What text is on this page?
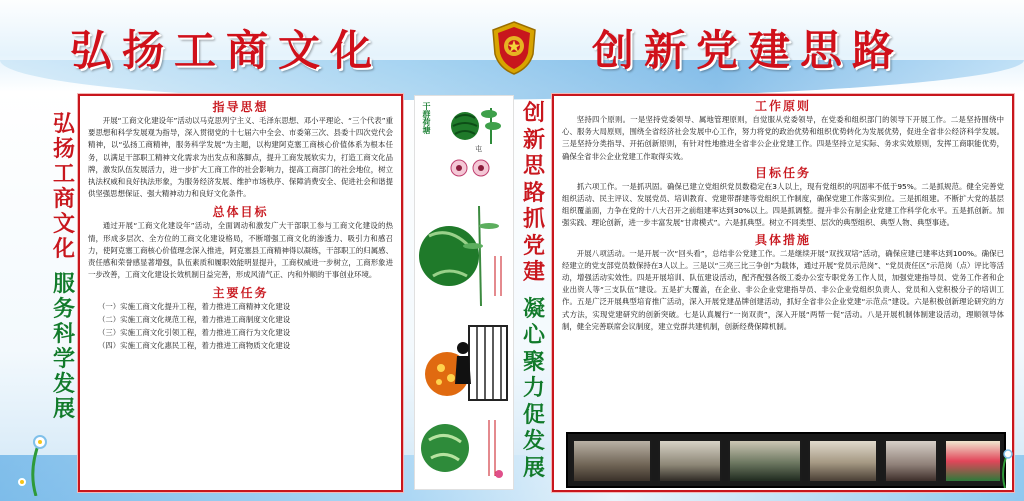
弘扬工商文化	创新党建思路
弘
扬
工
商
文
化
服
务
科
学
发
展
指导思想
开展“工商文化建设年”活动以马克思列宁主义、毛泽东思想、邓小平理论、“三个代表”重要思想和科学发展观为指导，深入贯彻党的十七届六中全会、市委第三次、县委十四次党代会精神，以“弘扬工商精神，服务科学发展”为主题，以构建阿克塞工商核心价值体系为根本任务，以满足干部职工精神文化需求为出发点和落脚点，提升工商发展软实力，打造工商文化品牌，激发队伍发展活力，进一步扩大工商工作的社会影响力，提高工商部门的社会地位，树立执法权威和良好执法形象，为服务经济发展、维护市场秩序、保障消费安全、促进社会和谐提供坚强思想保证、强大精神动力和良好文化条件。
总体目标
通过开展“工商文化建设年”活动，全面调动和激发广大干部职工参与工商文化建设的热情，形成多层次、全方位的工商文化建设格局，不断增强工商文化的渗透力、吸引力和感召力，使阿克塞工商核心价值理念深入推进，阿克塞县工商精神得以凝练，干部职工的归属感、责任感和荣誉感显著增强，队伍素质和履职效能明显提升，工商权威进一步树立，工商形象进一步改善，工商文化建设长效机制日益完善，形成风清气正、内和外顺的干事创业环境。
主要任务
（一）实施工商文化提升工程，着力推进工商精神文化建设
（二）实施工商文化规范工程，着力推进工商制度文化建设
（三）实施工商文化引领工程，着力推进工商行为文化建设
（四）实施工商文化惠民工程，着力推进工商物质文化建设
干群荷塘
屯
创
新
思
路
抓
党
建
凝
心
聚
力
促
发
展
工作原则
坚持四个原则。一是坚持党委领导、属地管理原则，自觉服从党委领导，在党委和组织部门的领导下开展工作。二是坚持围绕中心、服务大局原则，围绕全省经济社会发展中心工作，努力将党的政治优势和组织优势转化为发展优势，促进全省非公经济科学发展。三是坚持分类指导、开拓创新原则，有针对性地推进全省非公企业党建工作。四是坚持立足实际、务求实效原则，发挥工商职能优势，确保全省非公企业党建工作取得实效。
目标任务
抓六项工作。一是抓巩固。确保已建立党组织党员数稳定在3人以上，现有党组织的巩固率不低于95%。二是抓规范。健全完善党组织活动、民主评议、发展党员、培训教育、党建带群建等党组织工作制度，确保党建工作落实到位。三是抓组建。不断扩大党的基层组织覆盖面，力争在党的十八大召开之前组建率达到30%以上。四是抓调整。提升非公有制企业党建工作科学化水平。五是抓创新。加强实践、理论创新，进一步丰富发展“甘肃模式”。六是抓典型。树立不同类型、层次的典型组织、典型人物、典型事迹。
具体措施
开展八项活动。一是开展一次“回头看”，总结非公党建工作。二是继续开展“双找双培”活动，确保应建已建率达到100%。确保已经建立的党支部党员数保持在3人以上。三是以“三亮三比三争创”为载体，通过开展“党员示范岗”、“党员责任区”示范岗（点）评比等活动，增强活动实效性。四是开展培训、队伍建设活动，配齐配强各级工委办公室专职党务工作人员，加强党建指导员、党务工作者和企业出资人等“三支队伍”建设。五是扩大覆盖，在企业、非公企业党建指导员、非公企业党组织负责人、党员和入党积极分子的培训工作。五是广泛开展典型培育推广活动，深入开展党建品牌创建活动，抓好全省非公企业党建“示范点”建设。六是积极创新理论研究的方式方法，实现党建研究的创新突破。七是认真履行“一岗双责”，深入开展“两帮一促”活动。八是开展机制体制建设活动，理顺领导体制，健全完善联席会议制度，建立党群共建机制，创新经费保障机制。
